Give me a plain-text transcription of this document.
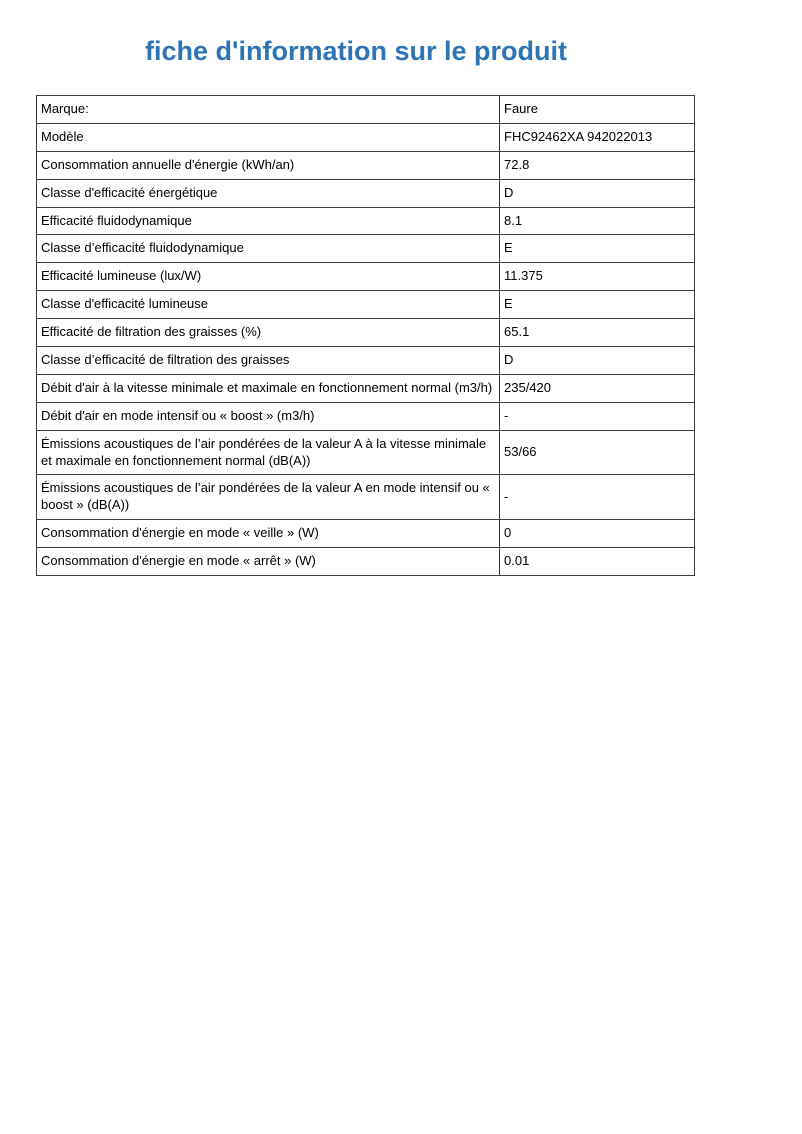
fiche d'information sur le produit
Marque:	Faure
Modèle	FHC92462XA 942022013
Consommation annuelle d'énergie (kWh/an)	72.8
Classe d'efficacité énergétique	D
Efficacité fluidodynamique	8.1
Classe d’efficacité fluidodynamique	E
Efficacité lumineuse (lux/W)	11.375
Classe d'efficacité lumineuse	E
Efficacité de filtration des graisses (%)	65.1
Classe d’efficacité de filtration des graisses	D
Débit d'air à la vitesse minimale et maximale en fonctionnement normal (m3/h)	235/420
Débit d'air en mode intensif ou « boost » (m3/h)	-
Émissions acoustiques de l’air pondérées de la valeur A à la vitesse minimale et maximale en fonctionnement normal (dB(A))	53/66
Émissions acoustiques de l’air pondérées de la valeur A en mode intensif ou « boost » (dB(A))	-
Consommation d'énergie en mode « veille » (W)	0
Consommation d'énergie en mode « arrêt » (W)	0.01
